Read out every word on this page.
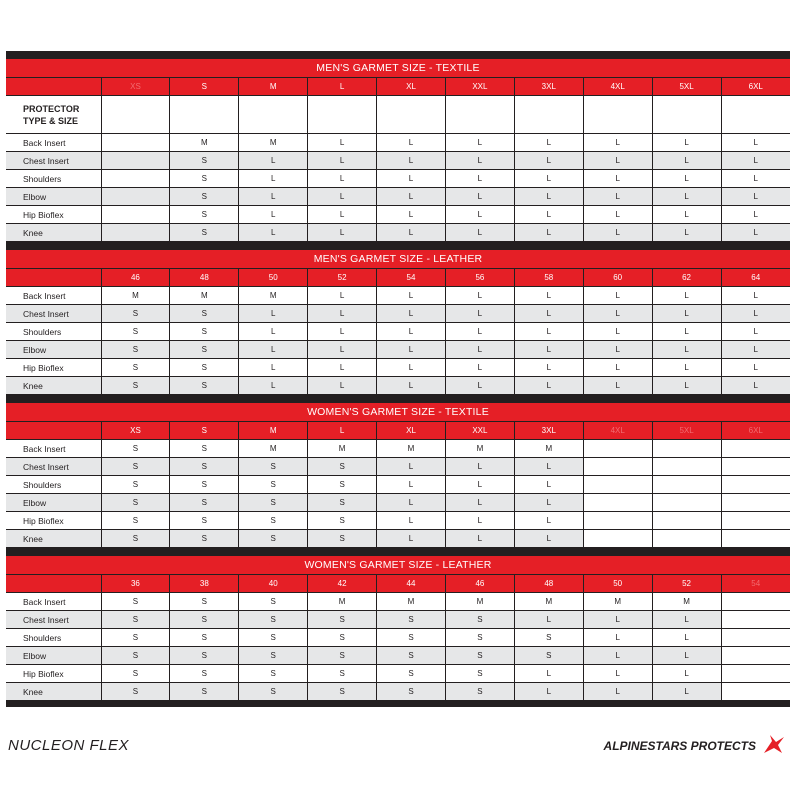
MEN'S GARMET SIZE - TEXTILE
	XS	S	M	L	XL	XXL	3XL	4XL	5XL	6XL
PROTECTOR TYPE & SIZE										
Back Insert		M	M	L	L	L	L	L	L	L
Chest Insert		S	L	L	L	L	L	L	L	L
Shoulders		S	L	L	L	L	L	L	L	L
Elbow		S	L	L	L	L	L	L	L	L
Hip Bioflex		S	L	L	L	L	L	L	L	L
Knee		S	L	L	L	L	L	L	L	L
MEN'S GARMET SIZE - LEATHER
	46	48	50	52	54	56	58	60	62	64
Back Insert	M	M	M	L	L	L	L	L	L	L
Chest Insert	S	S	L	L	L	L	L	L	L	L
Shoulders	S	S	L	L	L	L	L	L	L	L
Elbow	S	S	L	L	L	L	L	L	L	L
Hip Bioflex	S	S	L	L	L	L	L	L	L	L
Knee	S	S	L	L	L	L	L	L	L	L
WOMEN'S GARMET SIZE - TEXTILE
	XS	S	M	L	XL	XXL	3XL	4XL	5XL	6XL
Back Insert	S	S	M	M	M	M	M			
Chest Insert	S	S	S	S	L	L	L			
Shoulders	S	S	S	S	L	L	L			
Elbow	S	S	S	S	L	L	L			
Hip Bioflex	S	S	S	S	L	L	L			
Knee	S	S	S	S	L	L	L			
WOMEN'S GARMET SIZE - LEATHER
	36	38	40	42	44	46	48	50	52	54
Back Insert	S	S	S	M	M	M	M	M	M	
Chest Insert	S	S	S	S	S	S	L	L	L	
Shoulders	S	S	S	S	S	S	S	L	L	
Elbow	S	S	S	S	S	S	S	L	L	
Hip Bioflex	S	S	S	S	S	S	L	L	L	
Knee	S	S	S	S	S	S	L	L	L	
NUCLEON FLEX	ALPINESTARS PROTECTS
